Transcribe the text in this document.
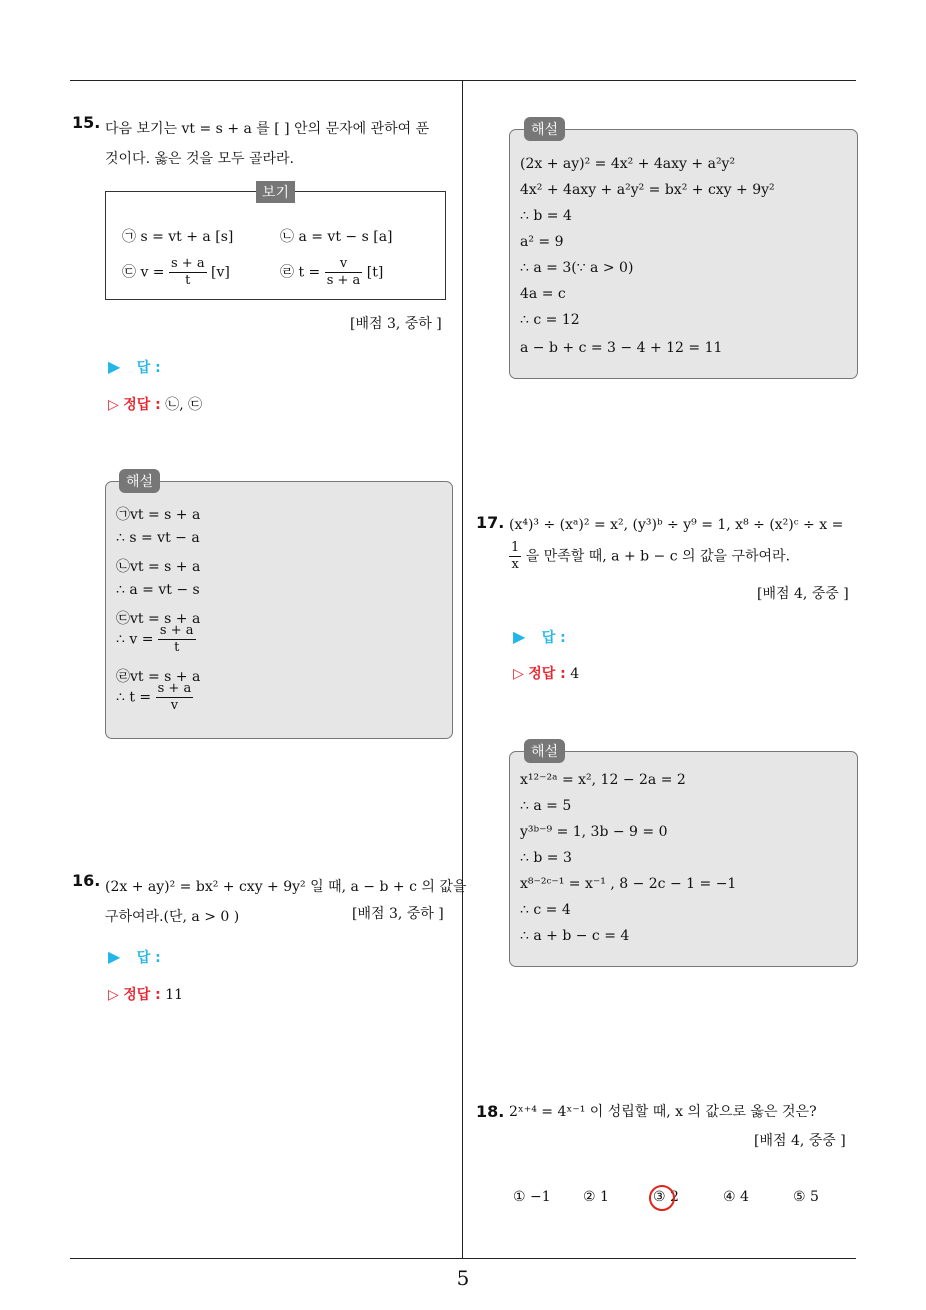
5
15. 다음 보기는 vt = s + a 를 [ ] 안의 문자에 관하여 푼
것이다. 옳은 것을 모두 골라라.
보기
㉠ s = vt + a [s]	㉡ a = vt − s [a]
㉢ $v = \frac{s + a}{t} [v]$	㉣ $t = \frac{v}{s + a} [t]$
[배점 3, 중하 ]
▶ 답 :
▷ 정답 : ㉡, ㉢
㉠vt = s + a
∴ s = vt − a
㉡vt = s + a
∴ a = vt − s
㉢vt = s + a
∴ $v = \frac{s + a}{t}$
㉣vt = s + a
∴ $t = \frac{s + a}{v}$
해설
16. (2x + ay)² = bx² + cxy + 9y² 일 때, a − b + c 의 값을
구하여라.(단, a > 0 )	[배점 3, 중하 ]
▶ 답 :
▷ 정답 : 11
(2x + ay)² = 4x² + 4axy + a²y²
4x² + 4axy + a²y² = bx² + cxy + 9y²
∴ b = 4
a² = 9
∴ a = 3(∵ a > 0)
4a = c
∴ c = 12
a − b + c = 3 − 4 + 12 = 11
해설
17. (x⁴)³ ÷ (xᵃ)² = x², (y³)ᵇ ÷ y⁹ = 1, x⁸ ÷ (x²)ᶜ ÷ x =
$\frac{1}{x}$ 을 만족할 때, a + b − c 의 값을 구하여라.
[배점 4, 중중 ]
▶ 답 :
▷ 정답 : 4
x¹²⁻²ᵃ = x², 12 − 2a = 2
∴ a = 5
y³ᵇ⁻⁹ = 1, 3b − 9 = 0
∴ b = 3
x⁸⁻²ᶜ⁻¹ = x⁻¹ , 8 − 2c − 1 = −1
∴ c = 4
∴ a + b − c = 4
해설
18. 2ˣ⁺⁴ = 4ˣ⁻¹ 이 성립할 때, x 의 값으로 옳은 것은?
[배점 4, 중중 ]
① −1 ② 1	③ 2	④ 4	⑤ 5
